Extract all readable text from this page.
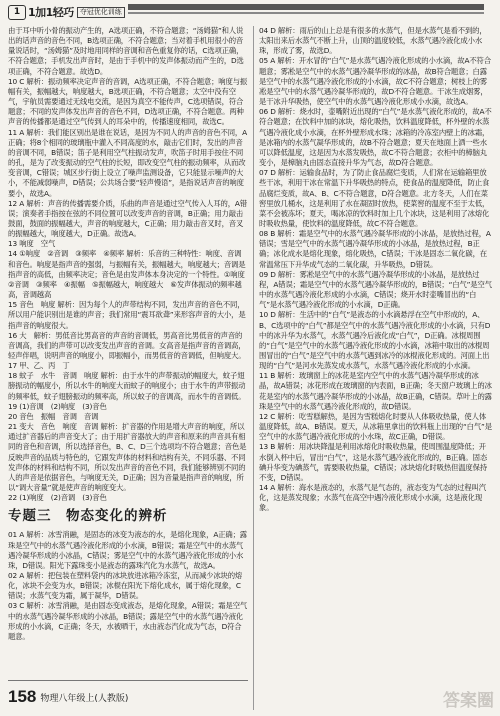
1 1加1轻巧 夺冠优化训练

由于耳中听小骨的振动产生的，A选项正确，不符合题意；“汤姆猫”和人说出的话声音的音色不同，B选项正确，不符合题意；当对着手机用很小的音量说话时，“汤姆猫”及时地用同样的音调和音色重复你的话，C选项正确，不符合题意；手机发出声音时，是由于手机中的发声体振动而产生的，D选项正确，不符合题意。故选D。

10 C 解析：振动频率决定声音的音调，A选项正确，不符合题意；响度与振幅有关，振幅越大，响度越大，B选项正确，不符合题意；太空中没有空气，宇航员需要通过无线电交流，是因为真空不能传声，C选项错误，符合题意；不同的发声体发出声音的音色不同，D选项正确，不符合题意。两种声音的传播都是通过空气传到人的耳朵中的，传播速度相同，故选C。

11 A 解析：我们能区别出是谁在说话，是因为不同人的声音的音色不同，A正确；将8个相同的玻璃瓶中灌入不同高度的水，敲击它们时，发出的声音的音调不同，B错误；笛子是利用空气柱振动发声，吹笛子时用手按住不同的孔，是为了改变振动的空气柱的长短，即改变空气柱的振动频率，从而改变音调，C错误；城区步行街上设立了噪声监测设备，它只能显示噪声的大小，不能减弱噪声，D错误；公共场合要“轻声慢语”，是指说话声音的响度要小，故选A。

12 A 解析：声音的传播需要介质，乐曲的声音是通过空气传入人耳的，A错误；演奏者手指按在弦的不同位置可以改变声音的音调，B正确；用力敲击鼓面，鼓面的振幅越大，声音的响度越大，C正确；用力敲击音叉时，音叉的振幅越大，响度越大，D正确。故选A。

13 响度　空气

14 ①响度　②音调　③频率　④频率 解析：乐音的三种特性：响度、音调和音色。响度是指声音的强弱，与振幅有关，振幅越大，响度越大；音调是指声音的高低，由频率决定；音色是由发声体本身决定的一个特性。①响度　②音调　③频率　④振幅　⑤振幅越大，响度越大　⑥发声体振动的频率越高，音调越高

15 音色　响度 解析：因为每个人的声带结构不同，发出声音的音色不同，所以用户能识别出是谁的声音；我们常用“震耳欲聋”来形容声音的大小，是指声音的响度很大。

16 大　解析：男低音比男高音的声音的音调低，男高音比男低音的声音的音调高，我们的声带可以改变发出声音的音调。女高音是指声音的音调高，轻声伴唱，说明声音的响度小，即振幅小，而男低音的音调低，但响度大。

17 甲、乙、丙　丁

18 蚊子　水牛　音调　响度 解析：由于水牛的声带振动的幅度大，蚊子翅膀振动的幅度小，所以水牛的响度大而蚊子的响度小；由于水牛的声带振动的频率低，蚊子翅膀振动的频率高，所以蚊子的音调高，而水牛的音调低。

19 (1)音调　(2)响度　(3)音色

20 音色　振幅　音调　音调

21 变大　音色　响度　音调 解析：扩音器的作用是增大声音的响度，所以通过扩音器后的声音变大了；由于用扩音器放大的声音和原来的声音具有相同的音色和音调，所以选择音色，B、C、D三个选项均不符合题意；音色是反映声音的品质与特色的，它跟发声体的材料和结构有关，不同乐器、不同发声体的材料和结构不同，所以发出声音的音色不同，我们能够辨别不同的人的声音是依据音色，与响度无关，D正确；因为音量是指声音的响度，所以“调大音量”就是使声音的响度变大。

22 (1)响度　(2)音调　(3)音色

专题三　物态变化的辨析

01 A 解析：冰雪消融，是固态的冰变为液态的水，是熔化现象，A正确；露珠是空气中的水蒸气遇冷液化形成的小水滴，B错误；霜是空气中的水蒸气遇冷凝华形成的小冰晶，C错误；雾是空气中的水蒸气遇冷液化形成的小水珠，D错误。阳光下露珠变小是液态的露珠汽化为水蒸气，故选A。

02 A 解析：把包装在塑料袋内的冰块放进冰箱冷冻室，从而减少冰块的熔化，冰块不会变为水，B错误；冰棍在阳光下熔化成水，属于熔化现象，C错误；水蒸气变为霜，属于凝华，D错误。

03 C 解析：冰雪消融，是由固态变成液态，是熔化现象，A错误；霜是空气中的水蒸气遇冷凝华形成的小冰晶，B错误；露是空气中的水蒸气遇冷液化形成的小水滴，C正确；冬天，水被晒干，水由液态汽化成为气态，D符合题意。

04 D 解析：雨后的山上总是有很多的水蒸气，但是水蒸气是看不到的，太阳出来后水蒸气不断上升，山顶的温度较低，水蒸气遇冷液化成小水珠，形成了雾，故选D。

05 A 解析：开水冒的“白气”是水蒸气遇冷液化形成的小水滴，故A不符合题意；雾凇是空气中的水蒸气遇冷凝华形成的冰晶，故B符合题意；白露是空气中的水蒸气遇冷液化形成的小水滴，故C不符合题意；树枝上的雾凇是空气中的水蒸气遇冷凝华形成的，故D不符合题意。干冰生成烟雾，是干冰升华吸热，使空气中的水蒸气遇冷液化形成小水滴，故选A。

06 D 解析：烧水时，壶嘴附近出现的“白气”是水蒸气液化形成的，故A不符合题意；在饮料中加的冰块，熔化吸热，饮料温度降低，杯外壁的水蒸气遇冷液化成小水滴，在杯外壁形成水珠；冰箱的冷冻室内壁上的冰霜，是冰箱内的水蒸气凝华形成的，故B不符合题意；夏天在地面上洒一些水可以降低温度，这是因为水蒸发吸热，故C不符合题意；衣柜中的樟脑丸变小，是樟脑丸由固态直接升华为气态，故D符合题意。

07 D 解析：运输食品时，为了防止食品腐烂变质，人们常在运输箱里放些干冰，利用干冰在常温下升华吸热的特点，使食品的温度降低，防止食品腐烂变质，故A、B、C不符合题意，D符合题意。北方冬天，人们在菜窖里放几桶水，这是利用了水在凝固时放热，使菜窖的温度不至于太低，菜不会被冻坏；夏天，喝冰凉的饮料时加上几个冰块，这是利用了冰熔化时吸收热量，使饮料的温度降低，故C不符合题意。

08 B 解析：霜是空气中的水蒸气遇冷凝华形成的小冰晶，是放热过程，A错误；雪是空气中的水蒸气遇冷凝华形成的小冰晶，是放热过程，B正确；冰化成水是熔化现象，熔化吸热，C错误；干冰是固态二氧化碳，在常温常压下升华成气态的二氧化碳，升华吸热，D错误。

09 D 解析：雾凇是空气中的水蒸气遇冷凝华形成的小冰晶，是放热过程，A错误；霜是空气中的水蒸气遇冷凝华形成的，B错误；“白气”是空气中的水蒸气遇冷液化形成的小水滴，C错误；烧开水时壶嘴冒出的“白气”是水蒸气遇冷液化形成的小水滴，D正确。

10 D 解析：生活中的“白气”是液态的小水滴悬浮在空气中形成的，A、B、C选项中的“白气”都是空气中的水蒸气遇冷液化形成的小水滴，只有D中的冰升华为水蒸气，水蒸气遇冷后液化成“白气”，D正确。冰棍周围的“白气”是空气中的水蒸气遇冷液化形成的小水滴，冰箱中取出的冰棍周围冒出的“白气”是空气中的水蒸气遇到冰冷的冰棍液化形成的。河面上出现的“白气”是河水先蒸发成水蒸气，水蒸气遇冷液化形成的小水滴。

11 B 解析：玻璃窗上的冰花是室内空气中的水蒸气遇冷凝华形成的冰晶，故A错误；冰花形成在玻璃窗的内表面，B正确；冬天窗户玻璃上的冰花是室内的水蒸气遇冷凝华形成的小冰晶，故B正确，C错误。草叶上的露珠是空气中的水蒸气遇冷液化形成的，故D错误。

12 C 解析：吃雪糕解热，是因为雪糕熔化时要从人体吸收热量，使人体温度降低，故A、B错误。夏天，从冰箱里拿出的饮料瓶上出现的“白气”是空气中的水蒸气遇冷液化形成的小水珠，故C正确，D错误。

13 B 解析：用冰块降温是利用冰熔化时吸收热量，使周围温度降低；开水倒入杯中后，冒出“白气”，这是水蒸气遇冷液化形成的，B正确。固态碘升华变为碘蒸气，需要吸收热量，C错误；冰块熔化时吸热但温度保持不变，D错误。

14 A 解析：海水是液态的，水蒸气是气态的，液态变为气态的过程叫汽化，这是蒸发现象；水蒸气在高空中遇冷液化形成小水滴，这是液化现象。

158 物理八年级上(人教版)	答案圈
